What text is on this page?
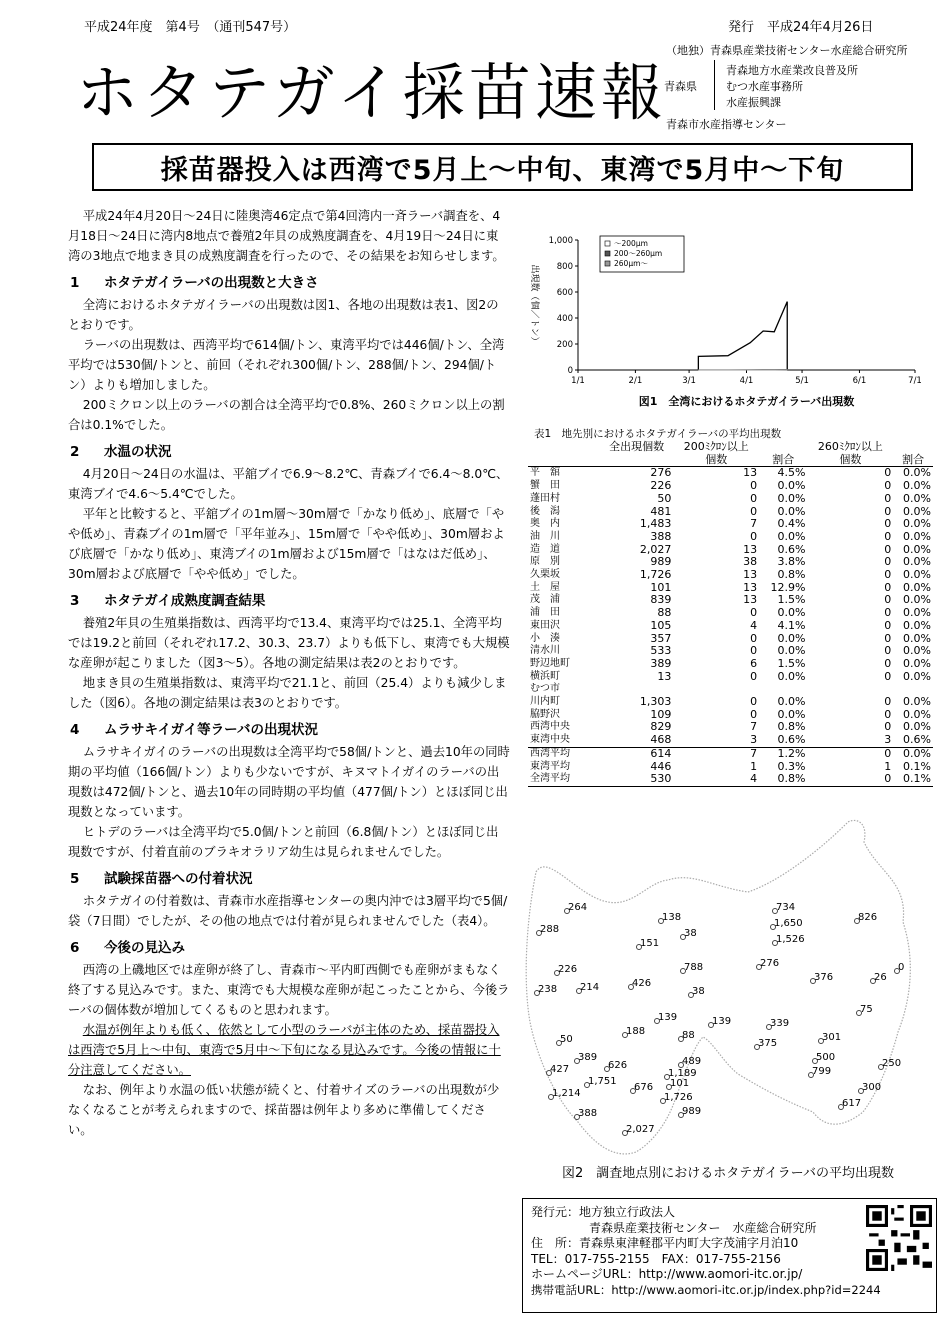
平成24年度　第4号　（通刊547号）	発行　平成24年4月26日
（地独）青森県産業技術センター水産総合研究所
青森県
青森地方水産業改良普及所
むつ水産事務所
水産振興課
青森市水産指導センター
ホタテガイ採苗速報
採苗器投入は西湾で5月上～中旬、東湾で5月中～下旬

平成24年4月20日～24日に陸奥湾46定点で第4回湾内一斉ラーバ調査を、4月18日～24日に湾内8地点で養殖2年貝の成熟度調査を、4月19日～24日に東湾の3地点で地まき貝の成熟度調査を行ったので、その結果をお知らせします。

1 ホタテガイラーバの出現数と大きさ

全湾におけるホタテガイラーバの出現数は図1、各地の出現数は表1、図2のとおりです。

ラーバの出現数は、西湾平均で614個/トン、東湾平均では446個/トン、全湾平均では530個/トンと、前回（それぞれ300個/トン、288個/トン、294個/トン）よりも増加しました。

200ミクロン以上のラーバの割合は全湾平均で0.8%、260ミクロン以上の割合は0.1%でした。

2 水温の状況

4月20日～24日の水温は、平舘ブイで6.9～8.2℃、青森ブイで6.4～8.0℃、東湾ブイで4.6～5.4℃でした。

平年と比較すると、平舘ブイの1m層～30m層で「かなり低め」、底層で「やや低め」、青森ブイの1m層で「平年並み」、15m層で「やや低め」、30m層および底層で「かなり低め」、東湾ブイの1m層および15m層で「はなはだ低め」、30m層および底層で「やや低め」でした。

3 ホタテガイ成熟度調査結果

養殖2年貝の生殖巣指数は、西湾平均で13.4、東湾平均では25.1、全湾平均では19.2と前回（それぞれ17.2、30.3、23.7）よりも低下し、東湾でも大規模な産卵が起こりました（図3～5）。各地の測定結果は表2のとおりです。

地まき貝の生殖巣指数は、東湾平均で21.1と、前回（25.4）よりも減少しました（図6）。各地の測定結果は表3のとおりです。

4 ムラサキイガイ等ラーバの出現状況

ムラサキイガイのラーバの出現数は全湾平均で58個/トンと、過去10年の同時期の平均値（166個/トン）よりも少ないですが、キヌマトイガイのラーバの出現数は472個/トンと、過去10年の同時期の平均値（477個/トン）とほぼ同じ出現数となっています。

ヒトデのラーバは全湾平均で5.0個/トンと前回（6.8個/トン）とほぼ同じ出現数ですが、付着直前のブラキオラリア幼生は見られませんでした。

5 試験採苗器への付着状況

ホタテガイの付着数は、青森市水産指導センターの奥内沖では3層平均で5個/袋（7日間）でしたが、その他の地点では付着が見られませんでした（表4）。

6 今後の見込み

西湾の上磯地区では産卵が終了し、青森市～平内町西側でも産卵がまもなく終了する見込みです。また、東湾でも大規模な産卵が起こったことから、今後ラーバの個体数が増加してくるものと思われます。

水温が例年よりも低く、依然として小型のラーバが主体のため、採苗器投入は西湾で5月上～中旬、東湾で5月中～下旬になる見込みです。今後の情報に十分注意してください。

なお、例年より水温の低い状態が続くと、付着サイズのラーバの出現数が少なくなることが考えられますので、採苗器は例年より多めに準備してください。

0
200
400
600
800
1,000
1/1	2/1	3/1	4/1	5/1	6/1	7/1
出現数（個／トン）
～200μm
200～260μm
260μm～
図1　全湾におけるホタテガイラーバ出現数
表1　地先別におけるホタテガイラーバの平均出現数
	全出現個数	200ﾐｸﾛﾝ以上		260ﾐｸﾛﾝ以上	
		個数	割合	個数	割合
平　舘	276	13	4.5%	0	0.0%
蟹　田	226	0	0.0%	0	0.0%
蓬田村	50	0	0.0%	0	0.0%
後　潟	481	0	0.0%	0	0.0%
奥　内	1,483	7	0.4%	0	0.0%
油　川	388	0	0.0%	0	0.0%
造　道	2,027	13	0.6%	0	0.0%
原　別	989	38	3.8%	0	0.0%
久栗坂	1,726	13	0.8%	0	0.0%
土　屋	101	13	12.9%	0	0.0%
茂　浦	839	13	1.5%	0	0.0%
浦　田	88	0	0.0%	0	0.0%
東田沢	105	4	4.1%	0	0.0%
小　湊	357	0	0.0%	0	0.0%
清水川	533	0	0.0%	0	0.0%
野辺地町	389	6	1.5%	0	0.0%
横浜町	13	0	0.0%	0	0.0%
むつ市					
川内町	1,303	0	0.0%	0	0.0%
脇野沢	109	0	0.0%	0	0.0%
西湾中央	829	7	0.8%	0	0.0%
東湾中央	468	3	0.6%	3	0.6%
西湾平均	614	7	1.2%	0	0.0%
東湾平均	446	1	0.3%	1	0.1%
全湾平均	530	4	0.8%	0	0.1%
図2　調査地点別におけるホタテガイラーバの平均出現数
264
288
226
238 214
50
389
427	626
1,751
1,214
388
138
151
38
426
788
38
139
188	88
139
489
1,189
676 101
1,726
989
2,027
734
1,650
1,526
276
826
376	26
0
75
339
375
301
500
799
250
300
617
発行元：地方独立行政法人
青森県産業技術センター　水産総合研究所
住　所：青森県東津軽郡平内町大字茂浦字月泊10
TEL：017-755-2155　FAX：017-755-2156
ホームページURL：http://www.aomori-itc.or.jp/
携帯電話URL：http://www.aomori-itc.or.jp/index.php?id=2244
